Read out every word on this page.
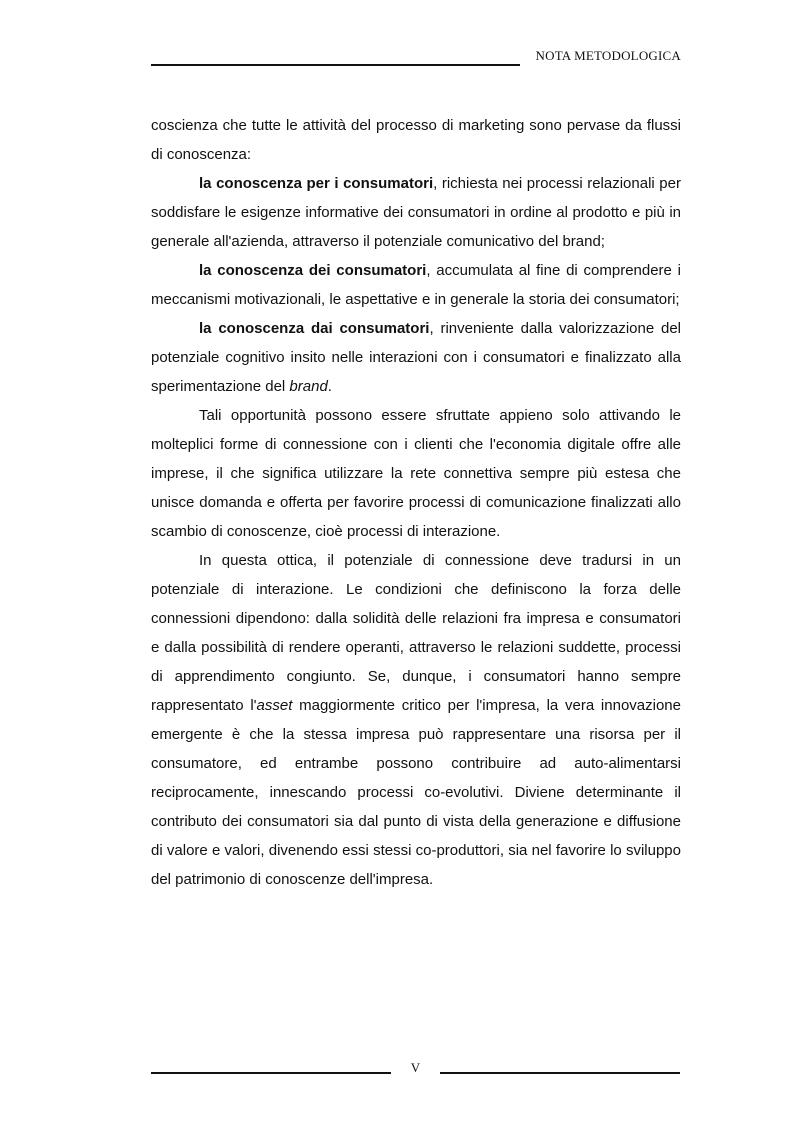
NOTA METODOLOGICA

coscienza che tutte le attività del processo di marketing sono pervase da flussi di conoscenza:

la conoscenza per i consumatori, richiesta nei processi relazionali per soddisfare le esigenze informative dei consumatori in ordine al prodotto e più in generale all'azienda, attraverso il potenziale comunicativo del brand;

la conoscenza dei consumatori, accumulata al fine di comprendere i meccanismi motivazionali, le aspettative e in generale la storia dei consumatori;

la conoscenza dai consumatori, rinveniente dalla valorizzazione del potenziale cognitivo insito nelle interazioni con i consumatori e finalizzato alla sperimentazione del brand.

Tali opportunità possono essere sfruttate appieno solo attivando le molteplici forme di connessione con i clienti che l'economia digitale offre alle imprese, il che significa utilizzare la rete connettiva sempre più estesa che unisce domanda e offerta per favorire processi di comunicazione finalizzati allo scambio di conoscenze, cioè processi di interazione.

In questa ottica, il potenziale di connessione deve tradursi in un potenziale di interazione. Le condizioni che definiscono la forza delle connessioni dipendono: dalla solidità delle relazioni fra impresa e consumatori e dalla possibilità di rendere operanti, attraverso le relazioni suddette, processi di apprendimento congiunto. Se, dunque, i consumatori hanno sempre rappresentato l'asset maggiormente critico per l'impresa, la vera innovazione emergente è che la stessa impresa può rappresentare una risorsa per il consumatore, ed entrambe possono contribuire ad auto-alimentarsi reciprocamente, innescando processi co-evolutivi. Diviene determinante il contributo dei consumatori sia dal punto di vista della generazione e diffusione di valore e valori, divenendo essi stessi co-produttori, sia nel favorire lo sviluppo del patrimonio di conoscenze dell'impresa.

V
